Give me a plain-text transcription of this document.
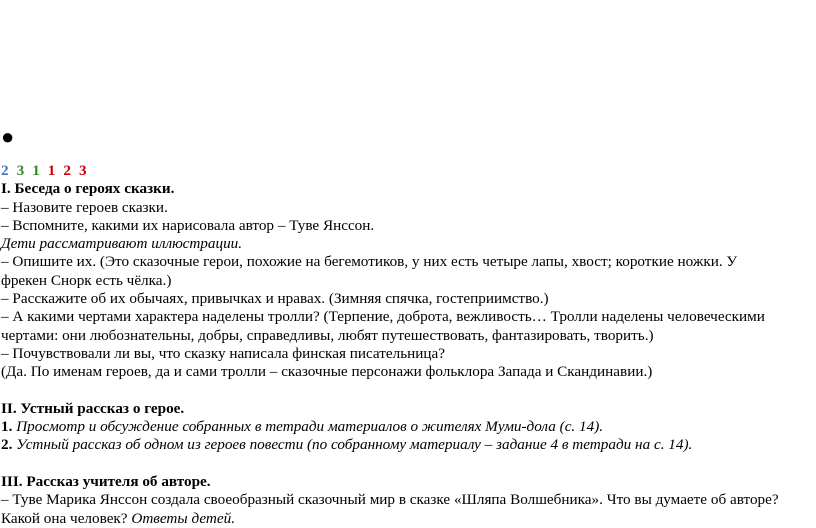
●
2 3 1 1 2 3
I. Беседа о героях сказки.
– Назовите героев сказки.
– Вспомните, какими их нарисовала автор – Туве Янссон.
Дети рассматривают иллюстрации.
– Опишите их. (Это сказочные герои, похожие на бегемотиков, у них есть четыре лапы, хвост; короткие ножки. У
фрекен Снорк есть чёлка.)
– Расскажите об их обычаях, привычках и нравах. (Зимняя спячка, гостеприимство.)
– А какими чертами характера наделены тролли? (Терпение, доброта, вежливость… Тролли наделены человеческими
чертами: они любознательны, добры, справедливы, любят путешествовать, фантазировать, творить.)
– Почувствовали ли вы, что сказку написала финская писательница?
(Да. По именам героев, да и сами тролли – сказочные персонажи фольклора Запада и Скандинавии.)
II. Устный рассказ о герое.
1. Просмотр и обсуждение собранных в тетради материалов о жителях Муми-дола (с. 14).
2. Устный рассказ об одном из героев повести (по собранному материалу – задание 4 в тетради на с. 14).
III. Рассказ учителя об авторе.
– Туве Марика Янссон создала своеобразный сказочный мир в сказке «Шляпа Волшебника». Что вы думаете об авторе?
Какой она человек? Ответы детей.
